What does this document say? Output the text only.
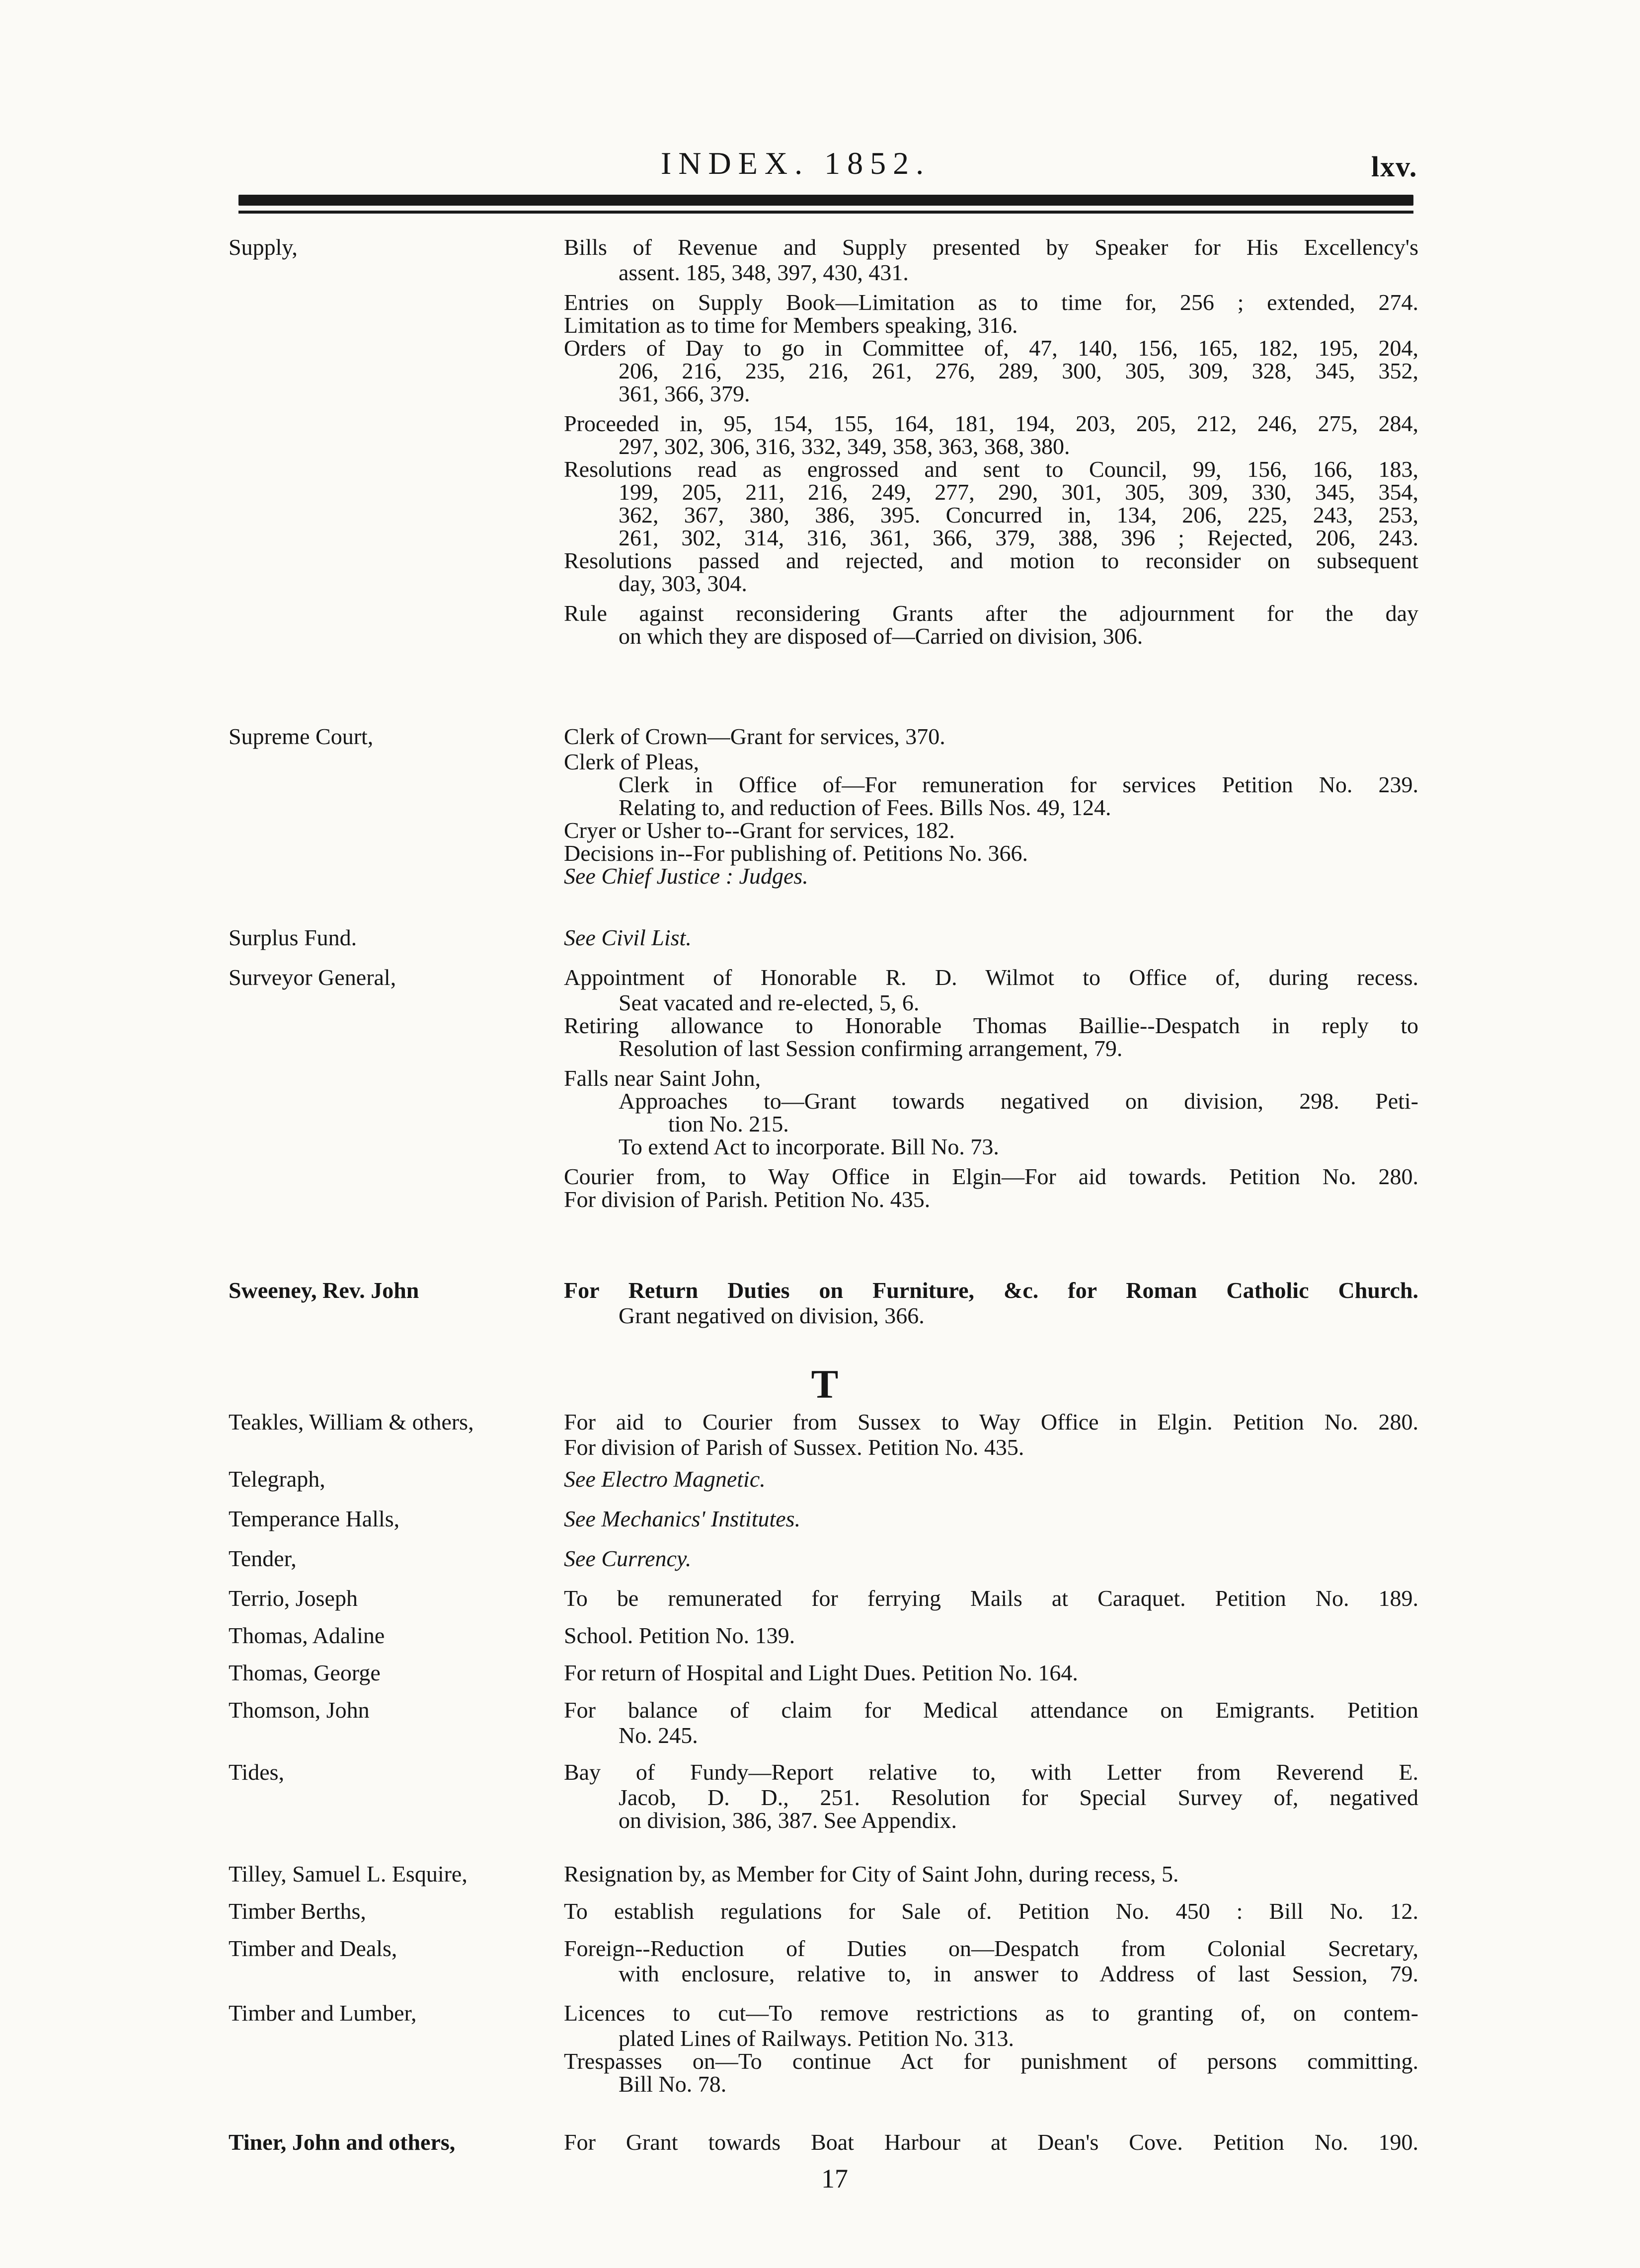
INDEX. 1852.	lxv.
Supply,	Bills of Revenue and Supply presented by Speaker for His Excellency's
assent. 185, 348, 397, 430, 431.
Entries on Supply Book—Limitation as to time for, 256 ; extended, 274.
Limitation as to time for Members speaking, 316.
Orders of Day to go in Committee of, 47, 140, 156, 165, 182, 195, 204,
206, 216, 235, 216, 261, 276, 289, 300, 305, 309, 328, 345, 352,
361, 366, 379.
Proceeded in, 95, 154, 155, 164, 181, 194, 203, 205, 212, 246, 275, 284,
297, 302, 306, 316, 332, 349, 358, 363, 368, 380.
Resolutions read as engrossed and sent to Council, 99, 156, 166, 183,
199, 205, 211, 216, 249, 277, 290, 301, 305, 309, 330, 345, 354,
362, 367, 380, 386, 395. Concurred in, 134, 206, 225, 243, 253,
261, 302, 314, 316, 361, 366, 379, 388, 396 ; Rejected, 206, 243.
Resolutions passed and rejected, and motion to reconsider on subsequent
day, 303, 304.
Rule against reconsidering Grants after the adjournment for the day
on which they are disposed of—Carried on division, 306.
Supreme Court,	Clerk of Crown—Grant for services, 370.
Clerk of Pleas,
Clerk in Office of—For remuneration for services Petition No. 239.
Relating to, and reduction of Fees. Bills Nos. 49, 124.
Cryer or Usher to--Grant for services, 182.
Decisions in--For publishing of. Petitions No. 366.
See Chief Justice : Judges.
Surplus Fund.	See Civil List.
Surveyor General,	Appointment of Honorable R. D. Wilmot to Office of, during recess.
Seat vacated and re-elected, 5, 6.
Retiring allowance to Honorable Thomas Baillie--Despatch in reply to
Resolution of last Session confirming arrangement, 79.
Falls near Saint John,
Approaches to—Grant towards negatived on division, 298. Peti-
tion No. 215.
To extend Act to incorporate. Bill No. 73.
Courier from, to Way Office in Elgin—For aid towards. Petition No. 280.
For division of Parish. Petition No. 435.
Sweeney, Rev. John	For Return Duties on Furniture, &c. for Roman Catholic Church.
Grant negatived on division, 366.
T
Teakles, William & others,	For aid to Courier from Sussex to Way Office in Elgin. Petition No. 280.
For division of Parish of Sussex. Petition No. 435.
Telegraph,	See Electro Magnetic.
Temperance Halls,	See Mechanics' Institutes.
Tender,	See Currency.
Terrio, Joseph	To be remunerated for ferrying Mails at Caraquet. Petition No. 189.
Thomas, Adaline	School. Petition No. 139.
Thomas, George	For return of Hospital and Light Dues. Petition No. 164.
Thomson, John	For balance of claim for Medical attendance on Emigrants. Petition
No. 245.
Tides,	Bay of Fundy—Report relative to, with Letter from Reverend E.
Jacob, D. D., 251. Resolution for Special Survey of, negatived
on division, 386, 387. See Appendix.
Tilley, Samuel L. Esquire,	Resignation by, as Member for City of Saint John, during recess, 5.
Timber Berths,	To establish regulations for Sale of. Petition No. 450 : Bill No. 12.
Timber and Deals,	Foreign--Reduction of Duties on—Despatch from Colonial Secretary,
with enclosure, relative to, in answer to Address of last Session, 79.
Timber and Lumber,	Licences to cut—To remove restrictions as to granting of, on contem-
plated Lines of Railways. Petition No. 313.
Trespasses on—To continue Act for punishment of persons committing.
Bill No. 78.
Tiner, John and others,	For Grant towards Boat Harbour at Dean's Cove. Petition No. 190.
17
